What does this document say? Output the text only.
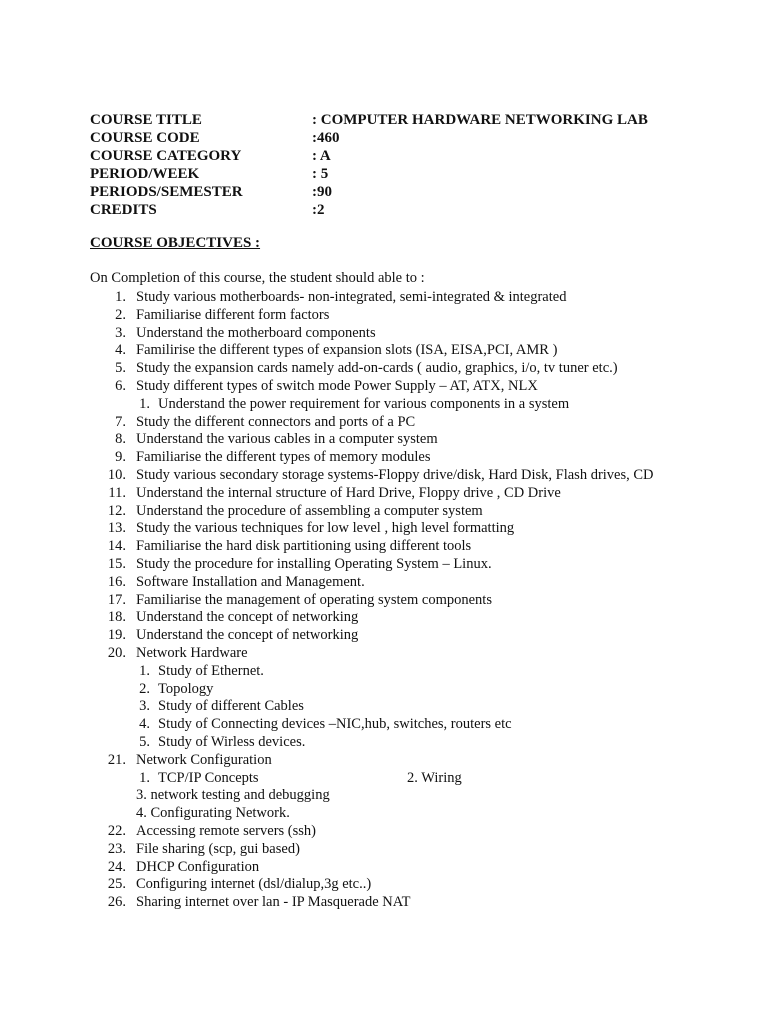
COURSE TITLE	: COMPUTER HARDWARE NETWORKING LAB
COURSE CODE	:460
COURSE CATEGORY	: A
PERIOD/WEEK	: 5
PERIODS/SEMESTER	:90
CREDITS	:2
COURSE OBJECTIVES :
On Completion of this course, the student should able to :
1. Study various motherboards- non-integrated, semi-integrated & integrated
2. Familiarise different form factors
3. Understand the motherboard components
4. Familirise the different types of expansion slots (ISA, EISA,PCI, AMR )
5. Study the expansion cards namely add-on-cards ( audio, graphics, i/o, tv tuner etc.)
6. Study different types of switch mode Power Supply – AT, ATX, NLX
1. Understand the power requirement for various components in a system
7. Study the different connectors and ports of a PC
8. Understand the various cables in a computer system
9. Familiarise the different types of memory modules
10. Study various secondary storage systems-Floppy drive/disk, Hard Disk, Flash drives, CD
11. Understand the internal structure of Hard Drive, Floppy drive , CD Drive
12. Understand the procedure of assembling a computer system
13. Study the various techniques for low level , high level formatting
14. Familiarise the hard disk partitioning using different tools
15. Study the procedure for installing Operating System – Linux.
16. Software Installation and Management.
17. Familiarise the management of operating system components
18. Understand the concept of networking
19. Understand the concept of networking
20. Network Hardware
1. Study of Ethernet.
2. Topology
3. Study of different Cables
4. Study of Connecting devices –NIC,hub, switches, routers etc
5. Study of Wirless devices.
21. Network Configuration
1. TCP/IP Concepts	2. Wiring
3. network testing and debugging
4. Configurating Network.
22. Accessing remote servers (ssh)
23. File sharing (scp, gui based)
24. DHCP Configuration
25. Configuring internet (dsl/dialup,3g etc..)
26. Sharing internet over lan - IP Masquerade NAT
